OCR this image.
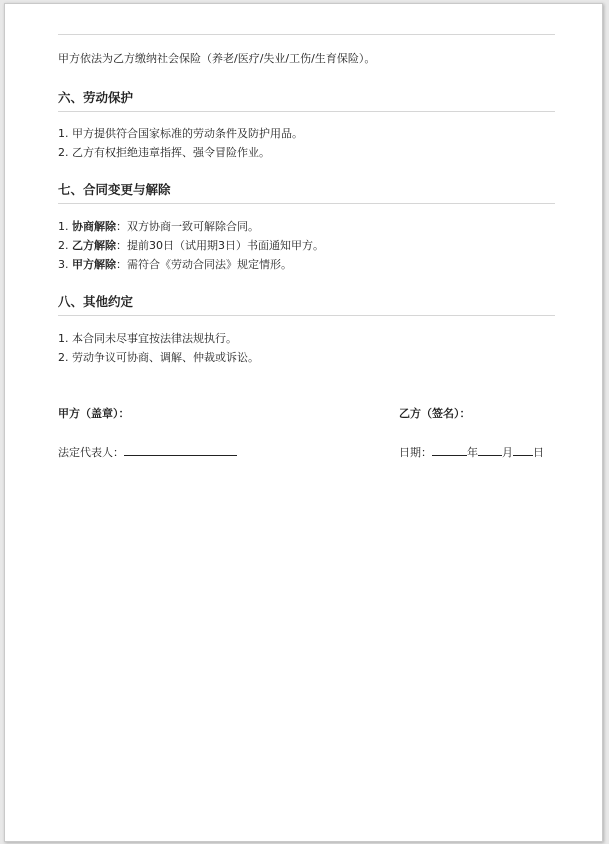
甲方依法为乙方缴纳社会保险（养老/医疗/失业/工伤/生育保险）。
六、劳动保护
1. 甲方提供符合国家标准的劳动条件及防护用品。
2. 乙方有权拒绝违章指挥、强令冒险作业。
七、合同变更与解除
1. 协商解除：双方协商一致可解除合同。
2. 乙方解除：提前30日（试用期3日）书面通知甲方。
3. 甲方解除：需符合《劳动合同法》规定情形。
八、其他约定
1. 本合同未尽事宜按法律法规执行。
2. 劳动争议可协商、调解、仲裁或诉讼。
甲方（盖章）：	乙方（签名）：
法定代表人：	日期：	年 月 日
